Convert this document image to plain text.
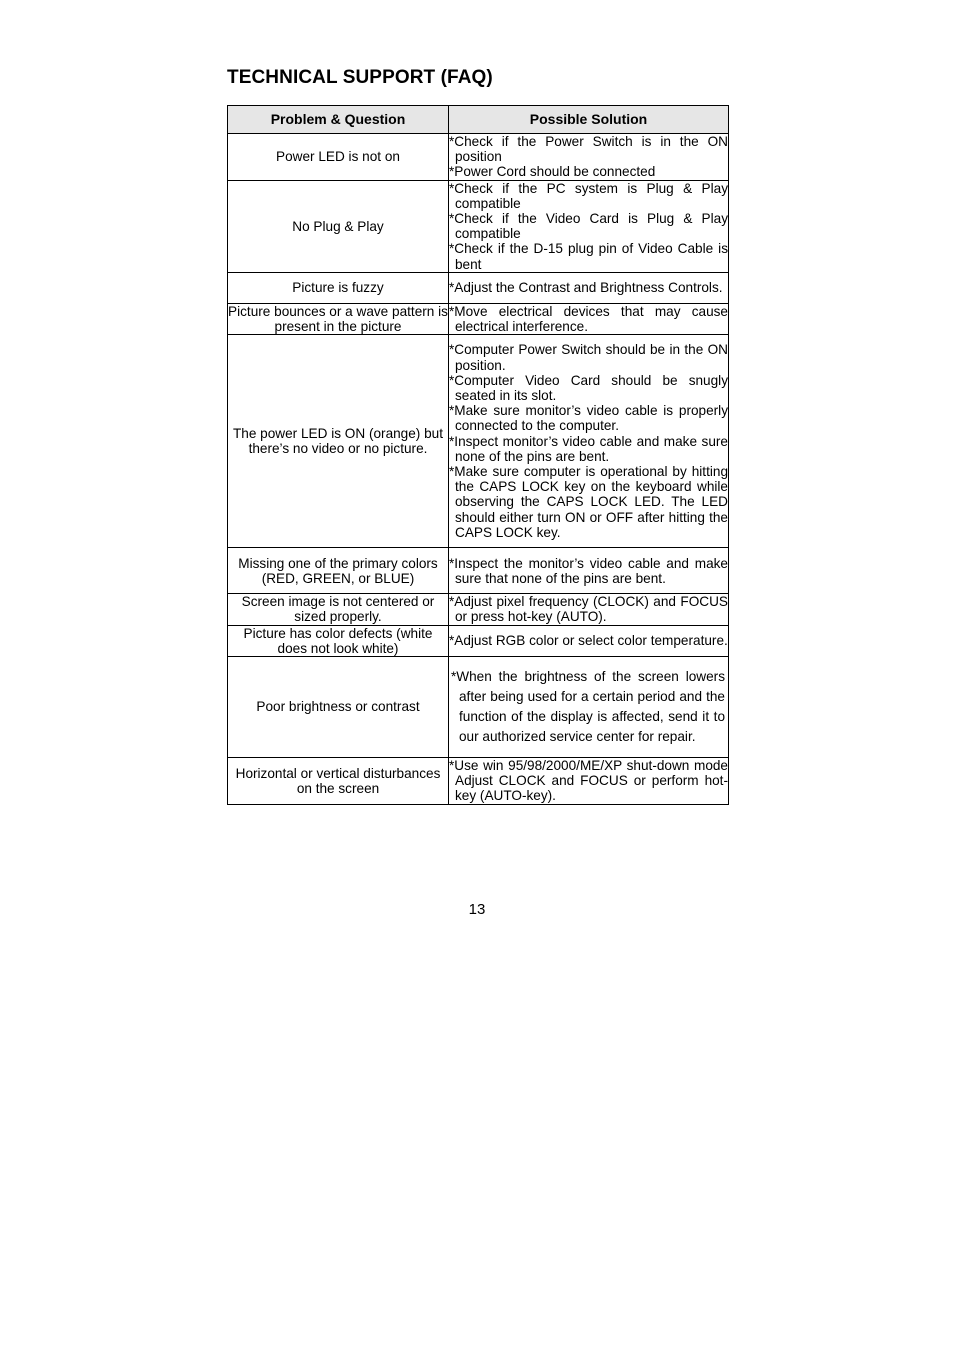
TECHNICAL SUPPORT (FAQ)
Problem & Question	Possible Solution
Power LED is not on	*Check if the Power Switch is in the ON position
*Power Cord should be connected

No Plug & Play	*Check if the PC system is Plug & Play compatible
*Check if the Video Card is Plug & Play compatible
*Check if the D-15 plug pin of Video Cable is bent

Picture is fuzzy	*Adjust the Contrast and Brightness Controls.

Picture bounces or a wave pattern is present in the picture	*Move electrical devices that may cause electrical interference.

The power LED is ON (orange) but there’s no video or no picture.	*Computer Power Switch should be in the ON position.
*Computer Video Card should be snugly seated in its slot.
*Make sure monitor’s video cable is properly connected to the computer.
*Inspect monitor’s video cable and make sure none of the pins are bent.
*Make sure computer is operational by hitting the CAPS LOCK key on the keyboard while observing the CAPS LOCK LED. The LED should either turn ON or OFF after hitting the CAPS LOCK key.

Missing one of the primary colors (RED, GREEN, or BLUE)	*Inspect the monitor’s video cable and make sure that none of the pins are bent.

Screen image is not centered or sized properly.	*Adjust pixel frequency (CLOCK) and FOCUS or press hot-key (AUTO).

Picture has color defects (white does not look white)	*Adjust RGB color or select color temperature.

Poor brightness or contrast	*When the brightness of the screen lowers after being used for a certain period and the function of the display is affected, send it to our authorized service center for repair.

Horizontal or vertical disturbances on the screen	*Use win 95/98/2000/ME/XP shut-down mode Adjust CLOCK and FOCUS or perform hot- key (AUTO-key).
13
